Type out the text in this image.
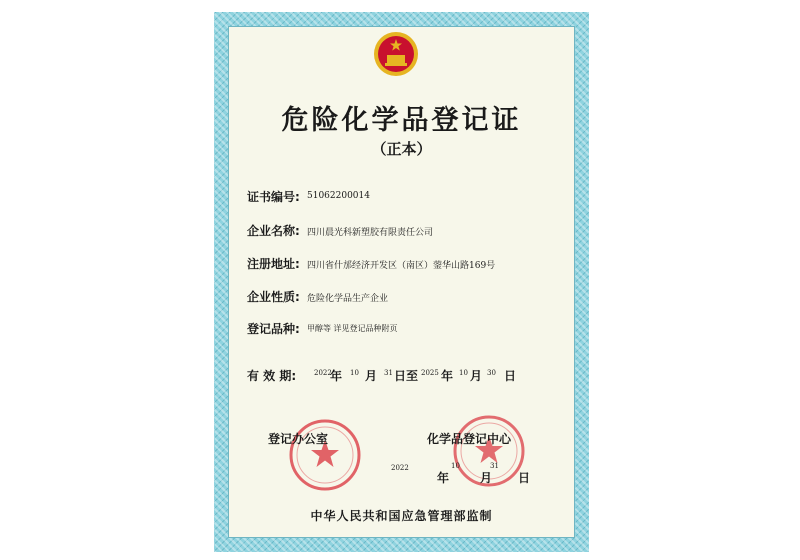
危险化学品登记证
（正本）
证书编号: 51062200014
企业名称: 四川晨光科新塑胶有限责任公司
注册地址: 四川省什邡经济开发区（南区）蓥华山路169号
企业性质: 危险化学品生产企业
登记品种: 甲醇等 详见登记品种附页
有 效 期:	2022
年 10 月 31 日至 2025 年 10 月 30 日
登记办公室	化学品登记中心
2022	10	31
年	月 日
中华人民共和国应急管理部监制
